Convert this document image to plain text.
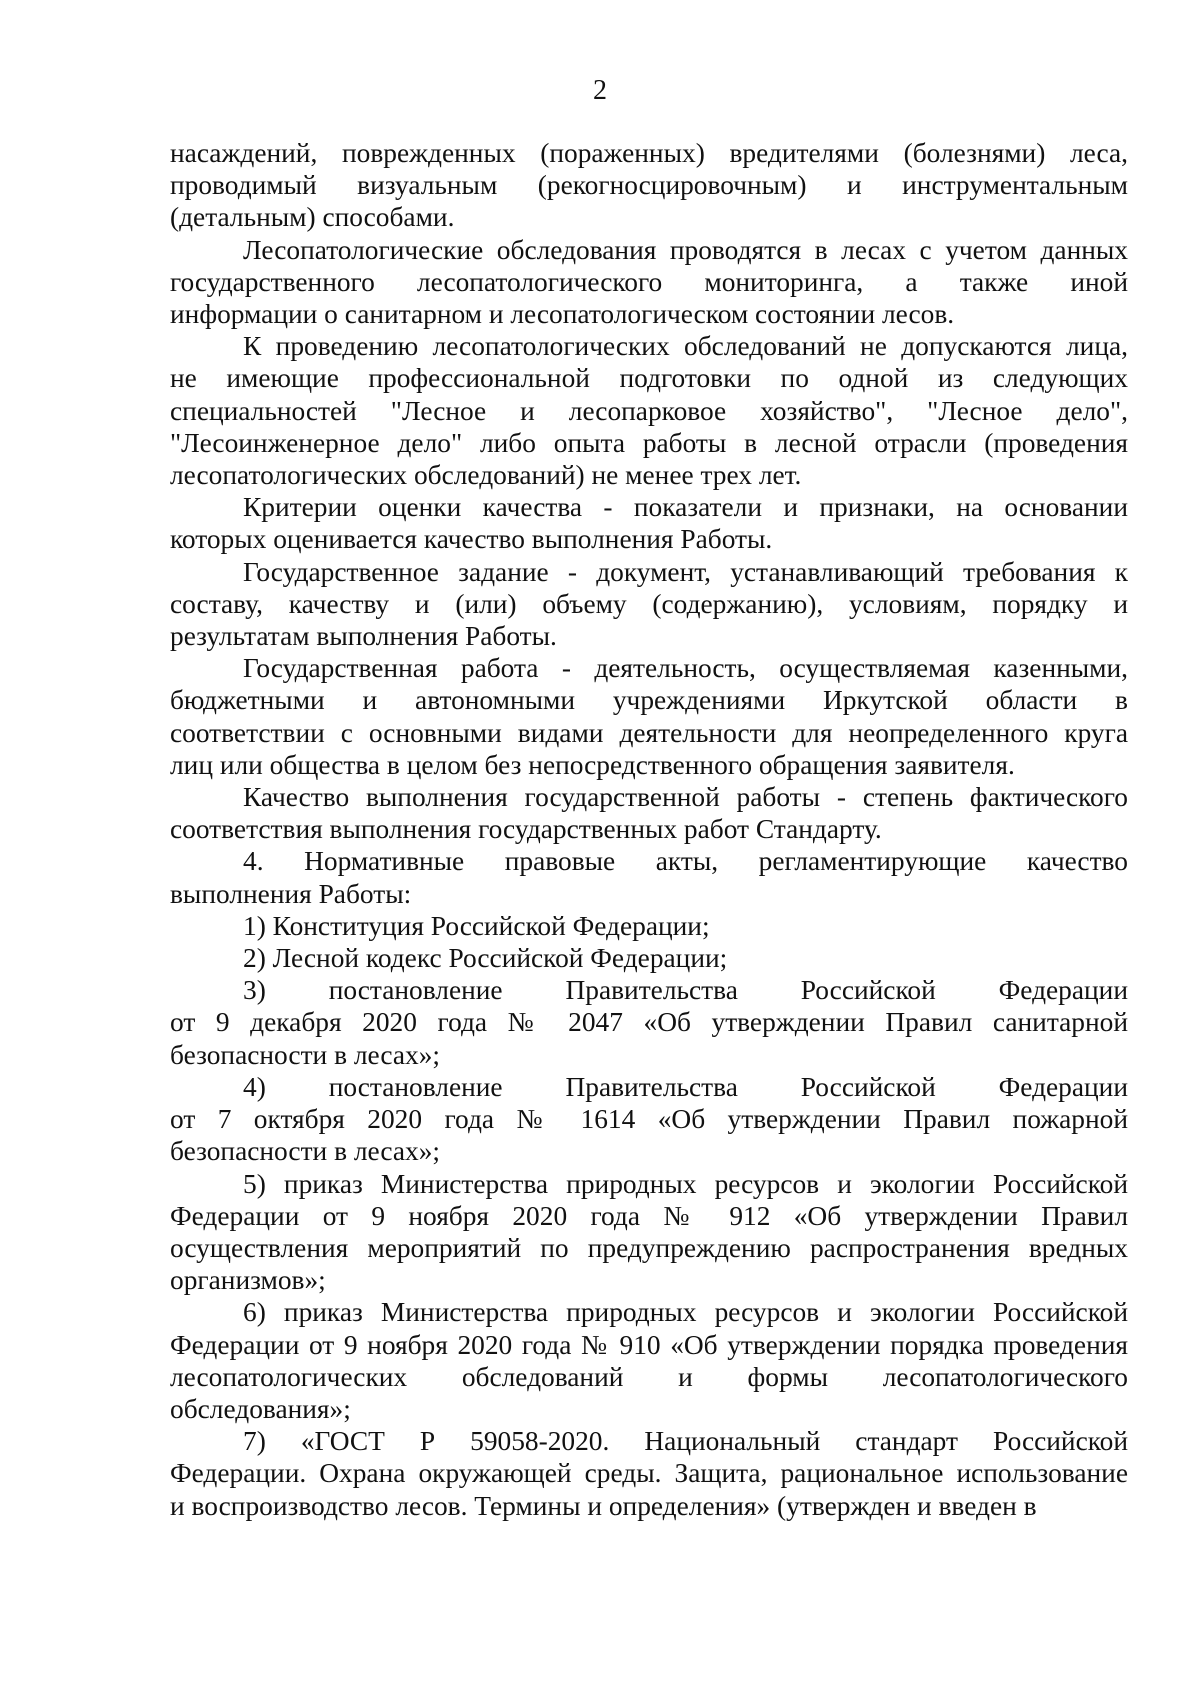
2
насаждений, поврежденных (пораженных) вредителями (болезнями) леса,
проводимый визуальным (рекогносцировочным) и инструментальным
(детальным) способами.
Лесопатологические обследования проводятся в лесах с учетом данных
государственного лесопатологического мониторинга, а также иной
информации о санитарном и лесопатологическом состоянии лесов.
К проведению лесопатологических обследований не допускаются лица,
не имеющие профессиональной подготовки по одной из следующих
специальностей "Лесное и лесопарковое хозяйство", "Лесное дело",
"Лесоинженерное дело" либо опыта работы в лесной отрасли (проведения
лесопатологических обследований) не менее трех лет.
Критерии оценки качества - показатели и признаки, на основании
которых оценивается качество выполнения Работы.
Государственное задание - документ, устанавливающий требования к
составу, качеству и (или) объему (содержанию), условиям, порядку и
результатам выполнения Работы.
Государственная работа - деятельность, осуществляемая казенными,
бюджетными и автономными учреждениями Иркутской области в
соответствии с основными видами деятельности для неопределенного круга
лиц или общества в целом без непосредственного обращения заявителя.
Качество выполнения государственной работы - степень фактического
соответствия выполнения государственных работ Стандарту.
4. Нормативные правовые акты, регламентирующие качество
выполнения Работы:
1) Конституция Российской Федерации;
2) Лесной кодекс Российской Федерации;
3) постановление Правительства Российской Федерации
от 9 декабря 2020 года № 2047 «Об утверждении Правил санитарной
безопасности в лесах»;
4) постановление Правительства Российской Федерации
от 7 октября 2020 года № 1614 «Об утверждении Правил пожарной
безопасности в лесах»;
5) приказ Министерства природных ресурсов и экологии Российской
Федерации от 9 ноября 2020 года № 912 «Об утверждении Правил
осуществления мероприятий по предупреждению распространения вредных
организмов»;
6) приказ Министерства природных ресурсов и экологии Российской
Федерации от 9 ноября 2020 года № 910 «Об утверждении порядка проведения
лесопатологических обследований и формы лесопатологического
обследования»;
7) «ГОСТ Р 59058-2020. Национальный стандарт Российской
Федерации. Охрана окружающей среды. Защита, рациональное использование
и воспроизводство лесов. Термины и определения» (утвержден и введен в
